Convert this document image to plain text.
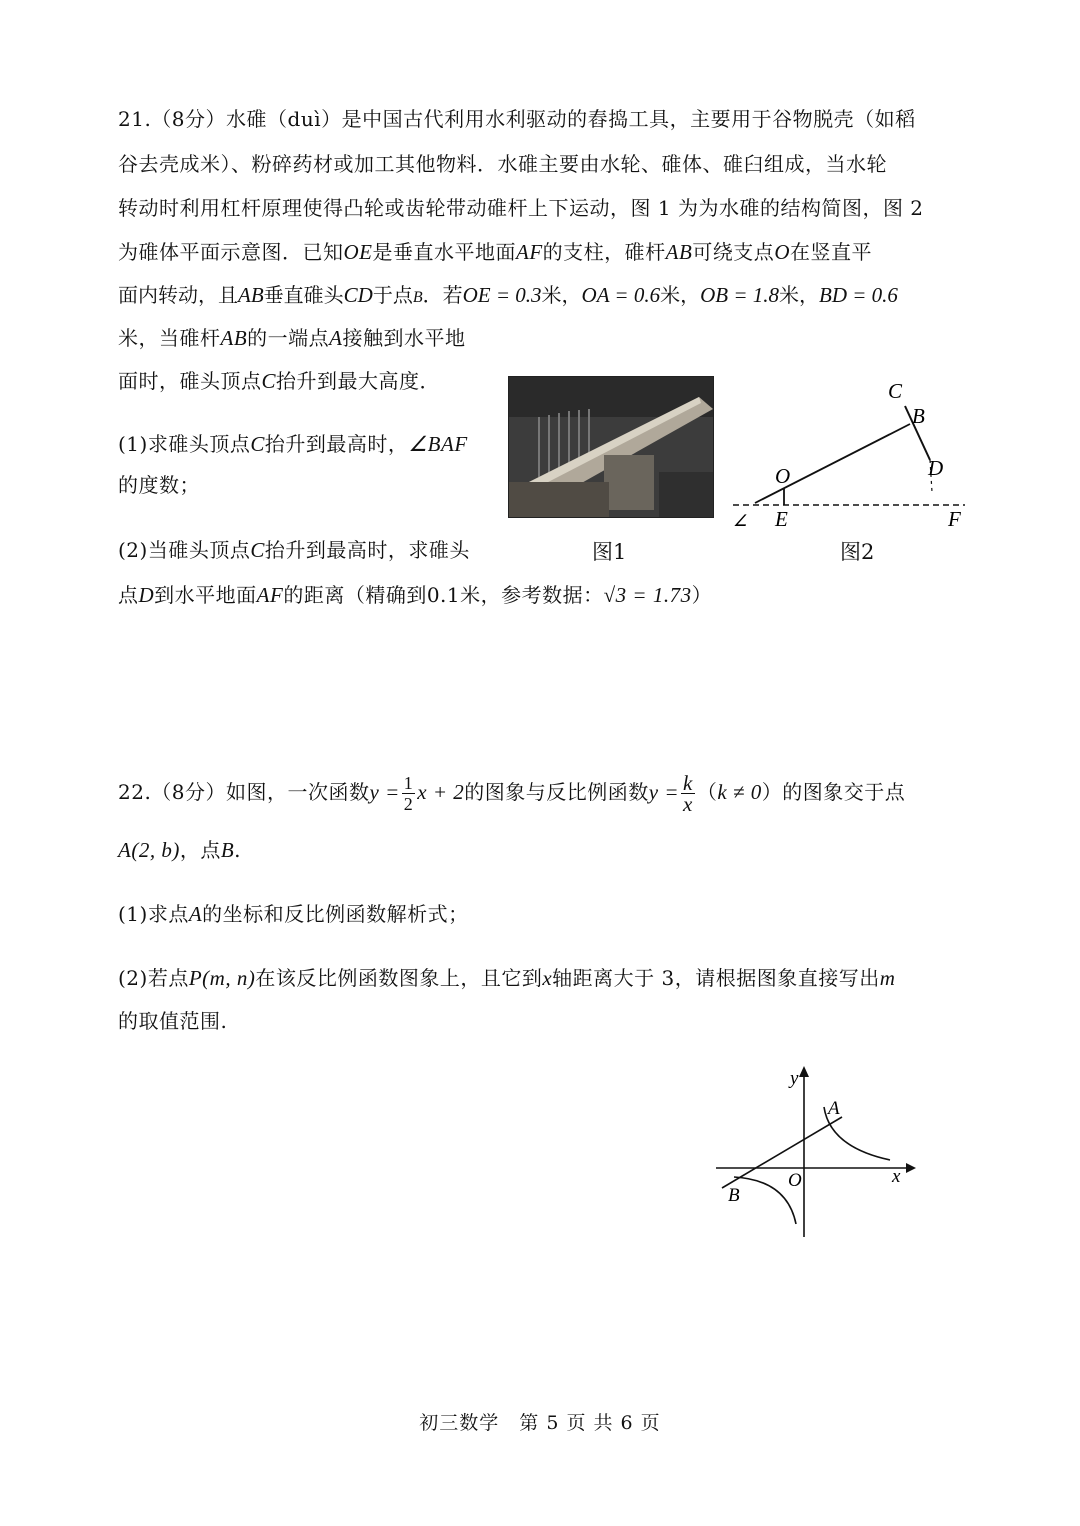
21.（8分）水碓（duì）是中国古代利用水利驱动的舂捣工具，主要用于谷物脱壳（如稻
谷去壳成米）、粉碎药材或加工其他物料．水碓主要由水轮、碓体、碓臼组成，当水轮
转动时利用杠杆原理使得凸轮或齿轮带动碓杆上下运动，图 1 为为水碓的结构简图，图 2
为碓体平面示意图．已知OE是垂直水平地面AF的支柱，碓杆AB可绕支点O在竖直平
面内转动，且AB垂直碓头CD于点B．若OE = 0.3米，OA = 0.6米，OB = 1.8米，BD = 0.6
米，当碓杆AB的一端点A接触到水平地
面时，碓头顶点C抬升到最大高度．
(1)求碓头顶点C抬升到最高时，∠BAF
的度数；
(2)当碓头顶点C抬升到最高时，求碓头
点D到水平地面AF的距离（精确到0.1米，参考数据：√3 = 1.73）
图1
C
B
O	D
E	F
∠
图2
22.（8分）如图，一次函数$y = \frac{1}{2}$ x + 2的图象与反比例函数$y = \frac{k}{x} (k \ne 0)$的图象交于点
A(2, b)，点B.
(1)求点A的坐标和反比例函数解析式；
(2)若点P(m, n)在该反比例函数图象上，且它到x轴距离大于 3，请根据图象直接写出m
的取值范围.
y
x
O
A
B
初三数学　第 5 页 共 6 页
